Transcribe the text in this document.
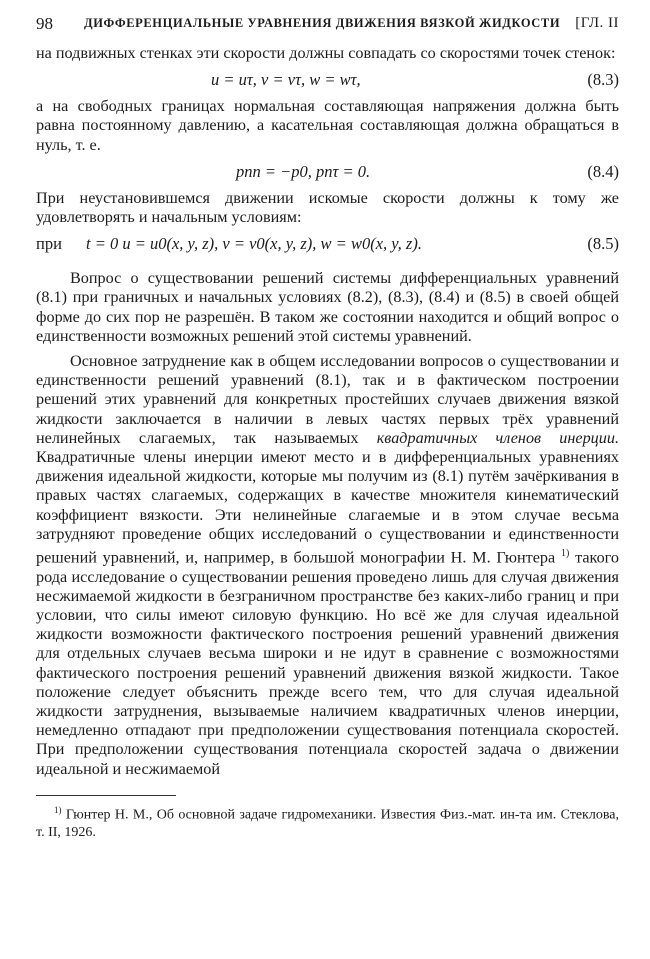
98 ДИФФЕРЕНЦИАЛЬНЫЕ УРАВНЕНИЯ ДВИЖЕНИЯ ВЯЗКОЙ ЖИДКОСТИ [ГЛ. II

на подвижных стенках эти скорости должны совпадать со скоростями точек стенок:

u = uτ, v = vτ, w = wτ,	(8.3)

а на свободных границах нормальная составляющая напряжения должна быть равна постоянному давлению, а касательная составляющая должна обращаться в нуль, т. е.

pnn = −p0, pnτ = 0.	(8.4)

При неустановившемся движении искомые скорости должны к тому же удовлетворять и начальным условиям:

при t = 0 u = u0(x, y, z), v = v0(x, y, z), w = w0(x, y, z).	(8.5)

Вопрос о существовании решений системы дифференциальных уравнений (8.1) при граничных и начальных условиях (8.2), (8.3), (8.4) и (8.5) в своей общей форме до сих пор не разрешён. В таком же состоянии находится и общий вопрос о единственности возможных решений этой системы уравнений.

Основное затруднение как в общем исследовании вопросов о существовании и единственности решений уравнений (8.1), так и в фактическом построении решений этих уравнений для конкретных простейших случаев движения вязкой жидкости заключается в наличии в левых частях первых трёх уравнений нелинейных слагаемых, так называемых квадратичных членов инерции. Квадратичные члены инерции имеют место и в дифференциальных уравнениях движения идеальной жидкости, которые мы получим из (8.1) путём зачёркивания в правых частях слагаемых, содержащих в качестве множителя кинематический коэффициент вязкости. Эти нелинейные слагаемые и в этом случае весьма затрудняют проведение общих исследований о существовании и единственности решений уравнений, и, например, в большой монографии Н. М. Гюнтера $^{1)}$ такого рода исследование о существовании решения проведено лишь для случая движения несжимаемой жидкости в безграничном пространстве без каких-либо границ и при условии, что силы имеют силовую функцию. Но всё же для случая идеальной жидкости возможности фактического построения решений уравнений движения для отдельных случаев весьма широки и не идут в сравнение с возможностями фактического построения решений уравнений движения вязкой жидкости. Такое положение следует объяснить прежде всего тем, что для случая идеальной жидкости затруднения, вызываемые наличием квадратичных членов инерции, немедленно отпадают при предположении существования потенциала скоростей. При предположении существования потенциала скоростей задача о движении идеальной и несжимаемой

$^{1)}$ Гюнтер Н. М., Об основной задаче гидромеханики. Известия Физ.-мат. ин-та им. Стеклова, т. II, 1926.
